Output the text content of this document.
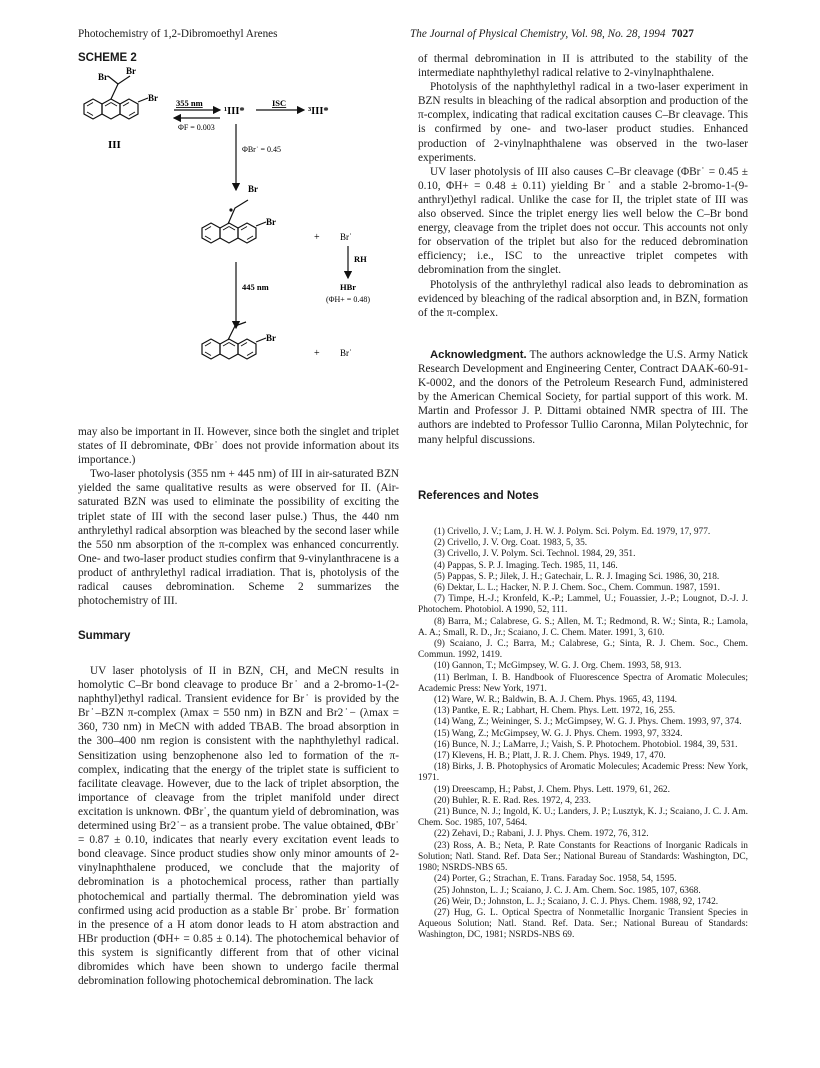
Photochemistry of 1,2-Dibromoethyl Arenes	The Journal of Physical Chemistry, Vol. 98, No. 28, 1994 7027
SCHEME 2
Br
Br
Br
III
355 nm
ΦF = 0.003
¹III*
ISC
³III*
ΦBr˙ = 0.45
Br
Br
+ Br˙
RH
HBr
(ΦH+ = 0.48)
445 nm
Br
+ Br˙

may also be important in II. However, since both the singlet and triplet states of II debrominate, ΦBr˙ does not provide information about its importance.)

Two-laser photolysis (355 nm + 445 nm) of III in air-saturated BZN yielded the same qualitative results as were observed for II. (Air-saturated BZN was used to eliminate the possibility of exciting the triplet state of III with the second laser pulse.) Thus, the 440 nm anthrylethyl radical absorption was bleached by the second laser while the 550 nm absorption of the π-complex was enhanced concurrently. One- and two-laser product studies confirm that 9-vinylanthracene is a product of anthrylethyl radical irradiation. That is, photolysis of the radical causes debromination. Scheme 2 summarizes the photochemistry of III.

Summary

UV laser photolysis of II in BZN, CH, and MeCN results in homolytic C–Br bond cleavage to produce Br˙ and a 2-bromo-1-(2-naphthyl)ethyl radical. Transient evidence for Br˙ is provided by the Br˙–BZN π-complex (λmax = 550 nm) in BZN and Br2˙− (λmax = 360, 730 nm) in MeCN with added TBAB. The broad absorption in the 300–400 nm region is consistent with the naphthylethyl radical. Sensitization using benzophenone also led to formation of the π-complex, indicating that the energy of the triplet state is sufficient to facilitate cleavage. However, due to the lack of triplet absorption, the importance of cleavage from the triplet manifold under direct excitation is unknown. ΦBr˙, the quantum yield of debromination, was determined using Br2˙− as a transient probe. The value obtained, ΦBr˙ = 0.87 ± 0.10, indicates that nearly every excitation event leads to bond cleavage. Since product studies show only minor amounts of 2-vinylnaphthalene produced, we conclude that the majority of debromination is a photochemical process, rather than partially photochemical and partially thermal. The debromination yield was confirmed using acid production as a stable Br˙ probe. Br˙ formation in the presence of a H atom donor leads to H atom abstraction and HBr production (ΦH+ = 0.85 ± 0.14). The photochemical behavior of this system is significantly different from that of other vicinal dibromides which have been shown to undergo facile thermal debromination following photochemical debromination. The lack

of thermal debromination in II is attributed to the stability of the intermediate naphthylethyl radical relative to 2-vinylnaphthalene.

Photolysis of the naphthylethyl radical in a two-laser experiment in BZN results in bleaching of the radical absorption and production of the π-complex, indicating that radical excitation causes C–Br cleavage. This is confirmed by one- and two-laser product studies. Enhanced production of 2-vinylnaphthalene was observed in the two-laser experiments.

UV laser photolysis of III also causes C–Br cleavage (ΦBr˙ = 0.45 ± 0.10, ΦH+ = 0.48 ± 0.11) yielding Br˙ and a stable 2-bromo-1-(9-anthryl)ethyl radical. Unlike the case for II, the triplet state of III was also observed. Since the triplet energy lies well below the C–Br bond energy, cleavage from the triplet does not occur. This accounts not only for observation of the triplet but also for the reduced debromination efficiency; i.e., ISC to the unreactive triplet competes with debromination from the singlet.

Photolysis of the anthrylethyl radical also leads to debromination as evidenced by bleaching of the radical absorption and, in BZN, formation of the π-complex.

Acknowledgment. The authors acknowledge the U.S. Army Natick Research Development and Engineering Center, Contract DAAK-60-91-K-0002, and the donors of the Petroleum Research Fund, administered by the American Chemical Society, for partial support of this work. M. Martin and Professor J. P. Dittami obtained NMR spectra of III. The authors are indebted to Professor Tullio Caronna, Milan Polytechnic, for many helpful discussions.
References and Notes
(1) Crivello, J. V.; Lam, J. H. W. J. Polym. Sci. Polym. Ed. 1979, 17, 977.
(2) Crivello, J. V. Org. Coat. 1983, 5, 35.
(3) Crivello, J. V. Polym. Sci. Technol. 1984, 29, 351.
(4) Pappas, S. P. J. Imaging. Tech. 1985, 11, 146.
(5) Pappas, S. P.; Jilek, J. H.; Gatechair, L. R. J. Imaging Sci. 1986, 30, 218.
(6) Dektar, L. L.; Hacker, N. P. J. Chem. Soc., Chem. Commun. 1987, 1591.
(7) Timpe, H.-J.; Kronfeld, K.-P.; Lammel, U.; Fouassier, J.-P.; Lougnot, D.-J. J. Photochem. Photobiol. A 1990, 52, 111.
(8) Barra, M.; Calabrese, G. S.; Allen, M. T.; Redmond, R. W.; Sinta, R.; Lamola, A. A.; Small, R. D., Jr.; Scaiano, J. C. Chem. Mater. 1991, 3, 610.
(9) Scaiano, J. C.; Barra, M.; Calabrese, G.; Sinta, R. J. Chem. Soc., Chem. Commun. 1992, 1419.
(10) Gannon, T.; McGimpsey, W. G. J. Org. Chem. 1993, 58, 913.
(11) Berlman, I. B. Handbook of Fluorescence Spectra of Aromatic Molecules; Academic Press: New York, 1971.
(12) Ware, W. R.; Baldwin, B. A. J. Chem. Phys. 1965, 43, 1194.
(13) Pantke, E. R.; Labhart, H. Chem. Phys. Lett. 1972, 16, 255.
(14) Wang, Z.; Weininger, S. J.; McGimpsey, W. G. J. Phys. Chem. 1993, 97, 374.
(15) Wang, Z.; McGimpsey, W. G. J. Phys. Chem. 1993, 97, 3324.
(16) Bunce, N. J.; LaMarre, J.; Vaish, S. P. Photochem. Photobiol. 1984, 39, 531.
(17) Klevens, H. B.; Platt, J. R. J. Chem. Phys. 1949, 17, 470.
(18) Birks, J. B. Photophysics of Aromatic Molecules; Academic Press: New York, 1971.
(19) Dreescamp, H.; Pabst, J. Chem. Phys. Lett. 1979, 61, 262.
(20) Buhler, R. E. Rad. Res. 1972, 4, 233.
(21) Bunce, N. J.; Ingold, K. U.; Landers, J. P.; Lusztyk, K. J.; Scaiano, J. C. J. Am. Chem. Soc. 1985, 107, 5464.
(22) Zehavi, D.; Rabani, J. J. Phys. Chem. 1972, 76, 312.
(23) Ross, A. B.; Neta, P. Rate Constants for Reactions of Inorganic Radicals in Solution; Natl. Stand. Ref. Data Ser.; National Bureau of Standards: Washington, DC, 1980; NSRDS-NBS 65.
(24) Porter, G.; Strachan, E. Trans. Faraday Soc. 1958, 54, 1595.
(25) Johnston, L. J.; Scaiano, J. C. J. Am. Chem. Soc. 1985, 107, 6368.
(26) Weir, D.; Johnston, L. J.; Scaiano, J. C. J. Phys. Chem. 1988, 92, 1742.
(27) Hug, G. L. Optical Spectra of Nonmetallic Inorganic Transient Species in Aqueous Solution; Natl. Stand. Ref. Data. Ser.; National Bureau of Standards: Washington, DC, 1981; NSRDS-NBS 69.
